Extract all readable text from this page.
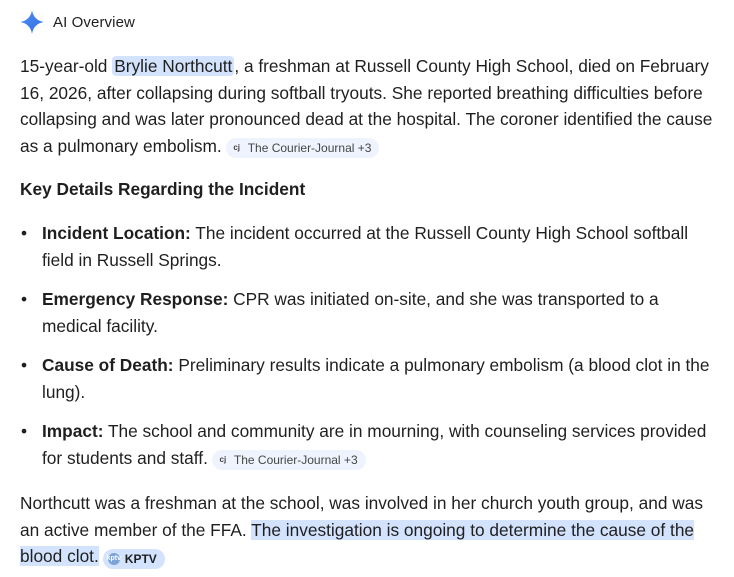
AI Overview

15-year-old Brylie Northcutt , a freshman at Russell County High School, died on February 16, 2026, after collapsing during softball tryouts. She reported breathing difficulties before collapsing and was later pronounced dead at the hospital. The coroner identified the cause as a pulmonary embolism.	cj The Courier-Journal +3

Key Details Regarding the Incident

• Incident Location: The incident occurred at the Russell County High School softball field in Russell Springs.
• Emergency Response: CPR was initiated on-site, and she was transported to a medical facility.
• Cause of Death: Preliminary results indicate a pulmonary embolism (a blood clot in the lung).
• Impact: The school and community are in mourning, with counseling services provided for students and staff.	cj The Courier-Journal +3

Northcutt was a freshman at the school, was involved in her church youth group, and was an active member of the FFA. The investigation is ongoing to determine the cause of the blood clot. kptv KPTV
